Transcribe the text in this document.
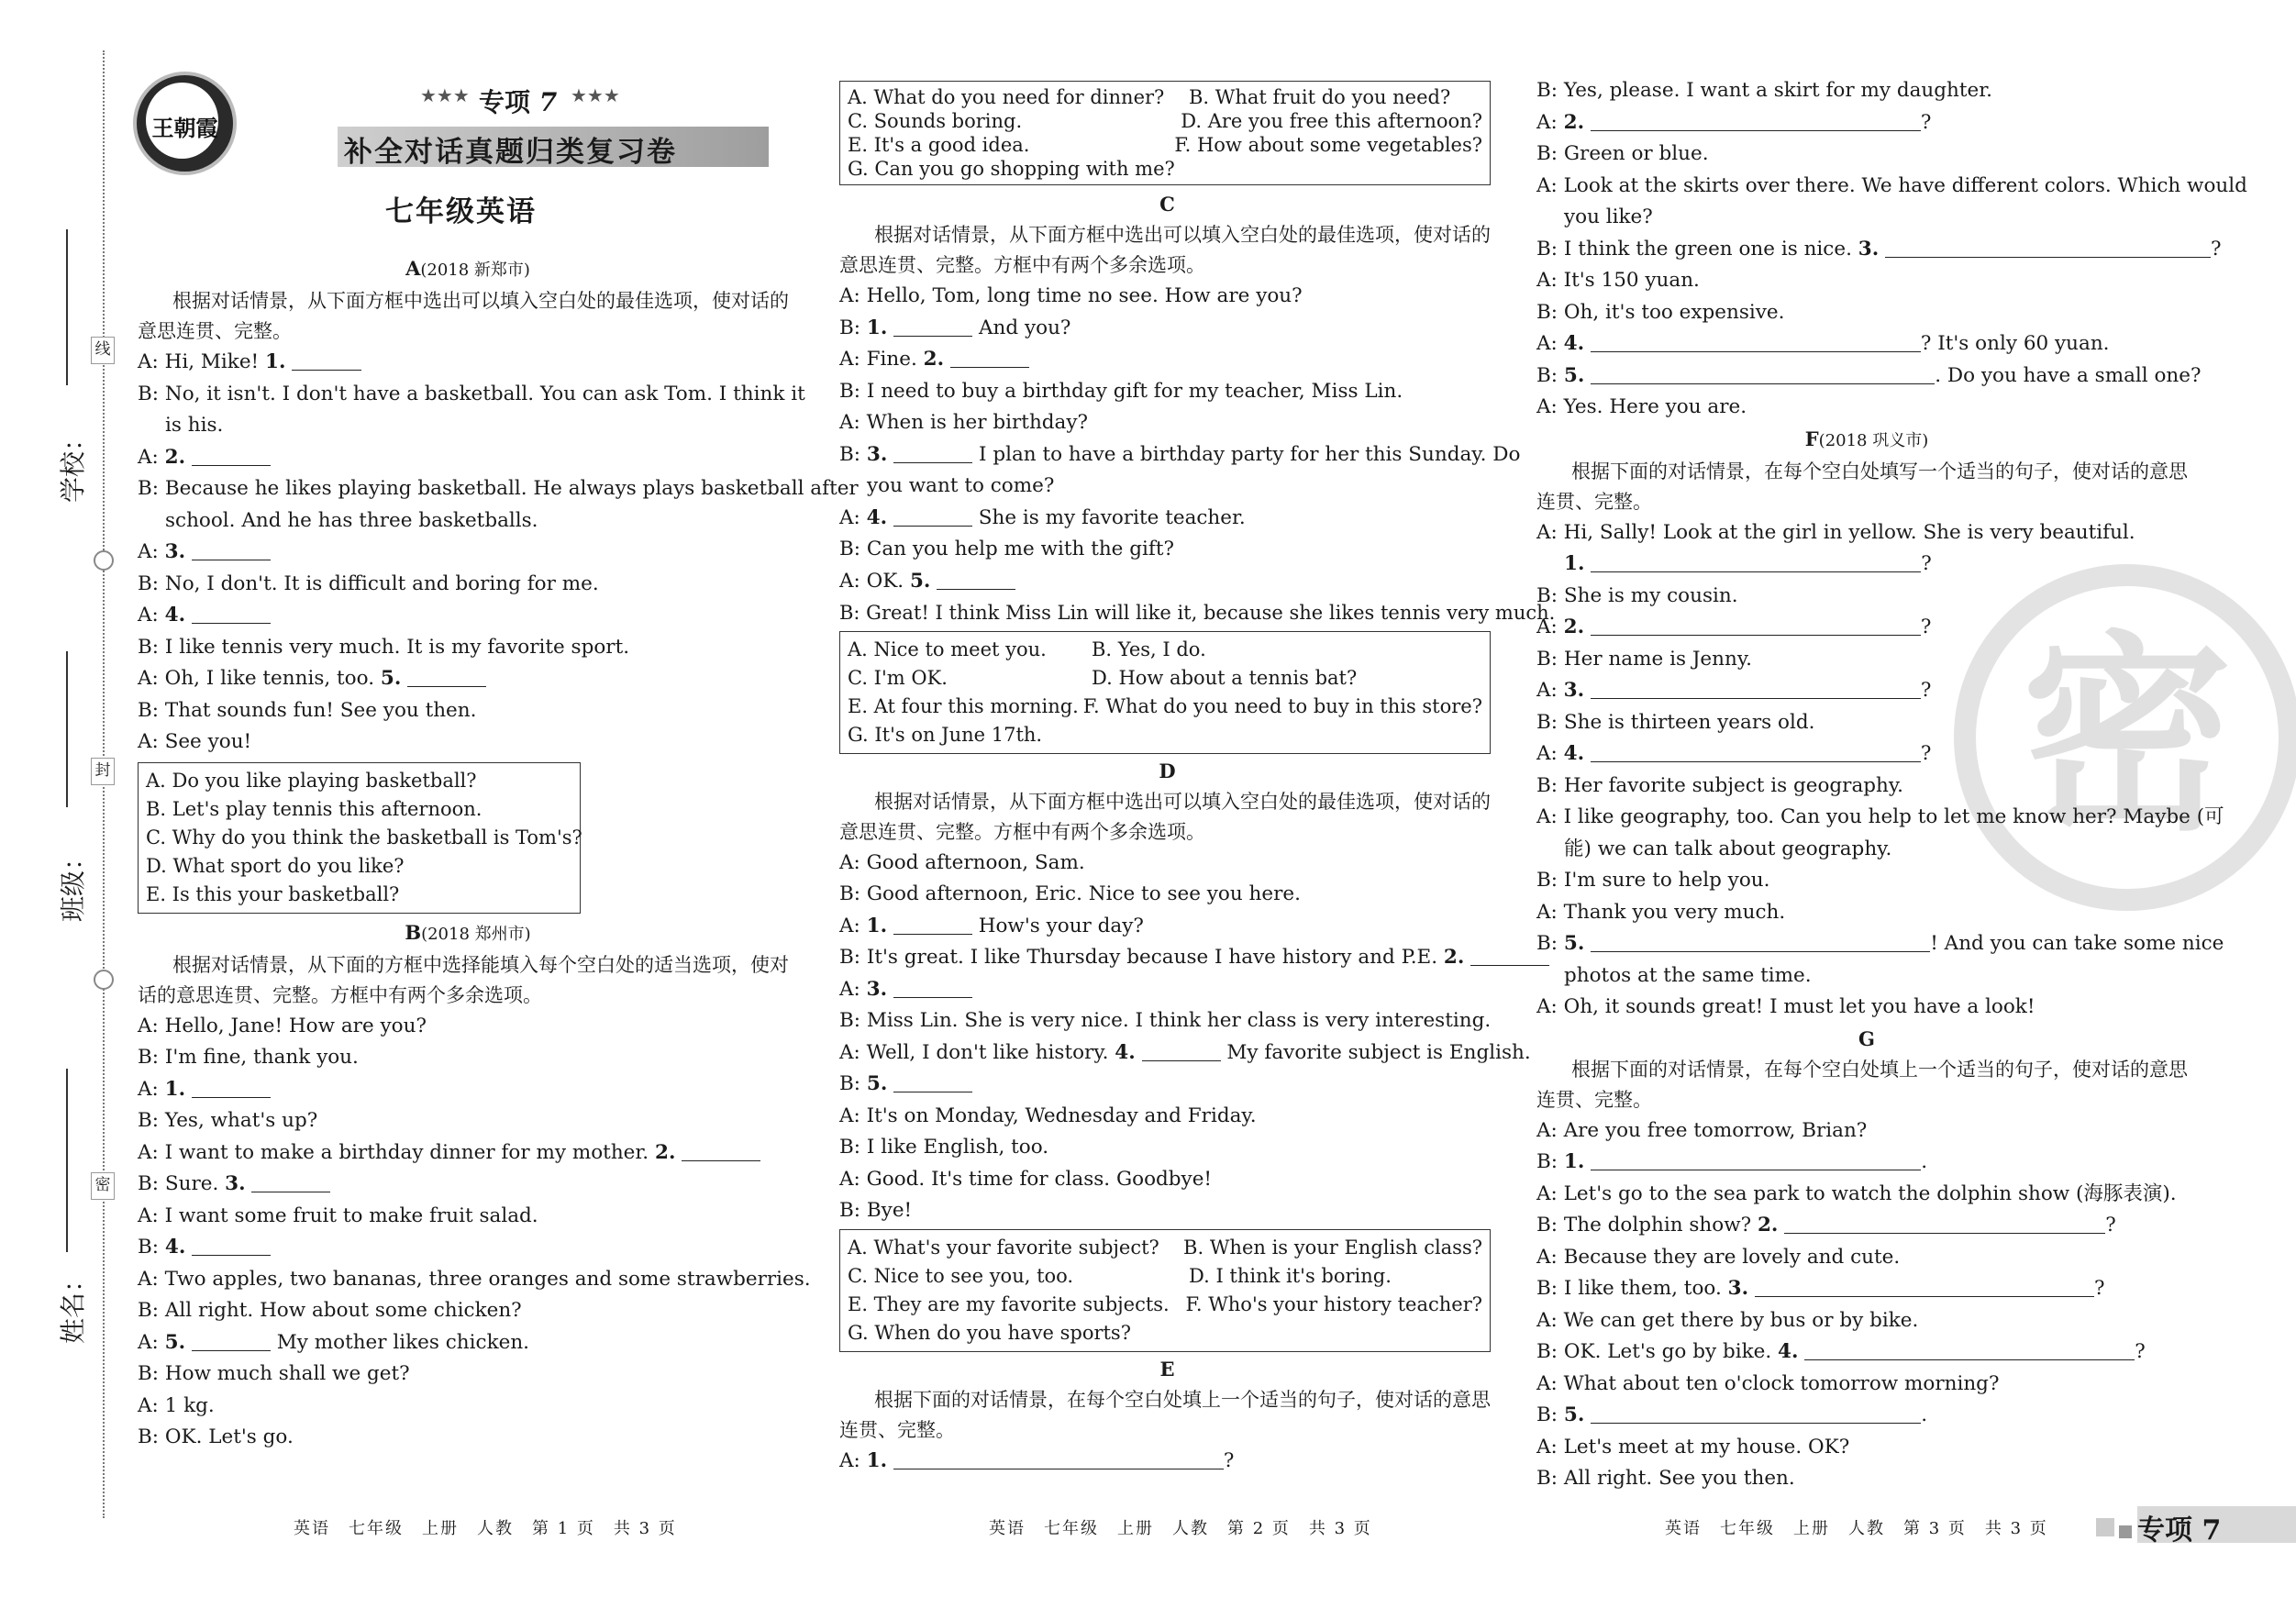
线
封
密
学校：
班级：
姓名：
密
王朝霞
★★★ 专项 7 ★★★
补全对话真题归类复习卷
七年级英语
A(2018 新郑市)
根据对话情景，从下面方框中选出可以填入空白处的最佳选项，使对话的意思连贯、完整。
A: Hi, Mike! 1.
B: No, it isn't. I don't have a basketball. You can ask Tom. I think it
is his.
A: 2.
B: Because he likes playing basketball. He always plays basketball after
school. And he has three basketballs.
A: 3.
B: No, I don't. It is difficult and boring for me.
A: 4.
B: I like tennis very much. It is my favorite sport.
A: Oh, I like tennis, too. 5.
B: That sounds fun! See you then.
A: See you!
A. Do you like playing basketball?
B. Let's play tennis this afternoon.
C. Why do you think the basketball is Tom's?
D. What sport do you like?
E. Is this your basketball?
B(2018 郑州市)
根据对话情景，从下面的方框中选择能填入每个空白处的适当选项，使对话的意思连贯、完整。方框中有两个多余选项。
A: Hello, Jane! How are you?
B: I'm fine, thank you.
A: 1.
B: Yes, what's up?
A: I want to make a birthday dinner for my mother. 2.
B: Sure. 3.
A: I want some fruit to make fruit salad.
B: 4.
A: Two apples, two bananas, three oranges and some strawberries.
B: All right. How about some chicken?
A: 5.	My mother likes chicken.
B: How much shall we get?
A: 1 kg.
B: OK. Let's go.
A. What do you need for dinner?	B. What fruit do you need?
C. Sounds boring.	D. Are you free this afternoon?
E. It's a good idea.	F. How about some vegetables?
G. Can you go shopping with me?
C
根据对话情景，从下面方框中选出可以填入空白处的最佳选项，使对话的意思连贯、完整。方框中有两个多余选项。
A: Hello, Tom, long time no see. How are you?
B: 1.	And you?
A: Fine. 2.
B: I need to buy a birthday gift for my teacher, Miss Lin.
A: When is her birthday?
B: 3.	I plan to have a birthday party for her this Sunday. Do
you want to come?
A: 4.	She is my favorite teacher.
B: Can you help me with the gift?
A: OK. 5.
B: Great! I think Miss Lin will like it, because she likes tennis very much.
A. Nice to meet you.	B. Yes, I do.
C. I'm OK.	D. How about a tennis bat?
E. At four this morning. F. What do you need to buy in this store?
G. It's on June 17th.
D
根据对话情景，从下面方框中选出可以填入空白处的最佳选项，使对话的意思连贯、完整。方框中有两个多余选项。
A: Good afternoon, Sam.
B: Good afternoon, Eric. Nice to see you here.
A: 1.	How's your day?
B: It's great. I like Thursday because I have history and P.E. 2.
A: 3.
B: Miss Lin. She is very nice. I think her class is very interesting.
A: Well, I don't like history. 4.	My favorite subject is English.
B: 5.
A: It's on Monday, Wednesday and Friday.
B: I like English, too.
A: Good. It's time for class. Goodbye!
B: Bye!
A. What's your favorite subject?	B. When is your English class?
C. Nice to see you, too.	D. I think it's boring.
E. They are my favorite subjects. F. Who's your history teacher?
G. When do you have sports?
E
根据下面的对话情景，在每个空白处填上一个适当的句子，使对话的意思连贯、完整。
A: 1.	?
B: Yes, please. I want a skirt for my daughter.
A: 2.	?
B: Green or blue.
A: Look at the skirts over there. We have different colors. Which would
you like?
B: I think the green one is nice. 3.	?
A: It's 150 yuan.
B: Oh, it's too expensive.
A: 4.	? It's only 60 yuan.
B: 5.	. Do you have a small one?
A: Yes. Here you are.
F(2018 巩义市)
根据下面的对话情景，在每个空白处填写一个适当的句子，使对话的意思连贯、完整。
A: Hi, Sally! Look at the girl in yellow. She is very beautiful.
1.	?
B: She is my cousin.
A: 2.	?
B: Her name is Jenny.
A: 3.	?
B: She is thirteen years old.
A: 4.	?
B: Her favorite subject is geography.
A: I like geography, too. Can you help to let me know her? Maybe (可
能) we can talk about geography.
B: I'm sure to help you.
A: Thank you very much.
B: 5.	! And you can take some nice
photos at the same time.
A: Oh, it sounds great! I must let you have a look!
G
根据下面的对话情景，在每个空白处填上一个适当的句子，使对话的意思连贯、完整。
A: Are you free tomorrow, Brian?
B: 1.	.
A: Let's go to the sea park to watch the dolphin show (海豚表演).
B: The dolphin show? 2.	?
A: Because they are lovely and cute.
B: I like them, too. 3.	?
A: We can get there by bus or by bike.
B: OK. Let's go by bike. 4.	?
A: What about ten o'clock tomorrow morning?
B: 5.	.
A: Let's meet at my house. OK?
B: All right. See you then.
英语　七年级　上册　人教　第 1 页　共 3 页	英语　七年级　上册　人教　第 2 页　共 3 页	英语　七年级　上册　人教　第 3 页　共 3 页	专项 7
